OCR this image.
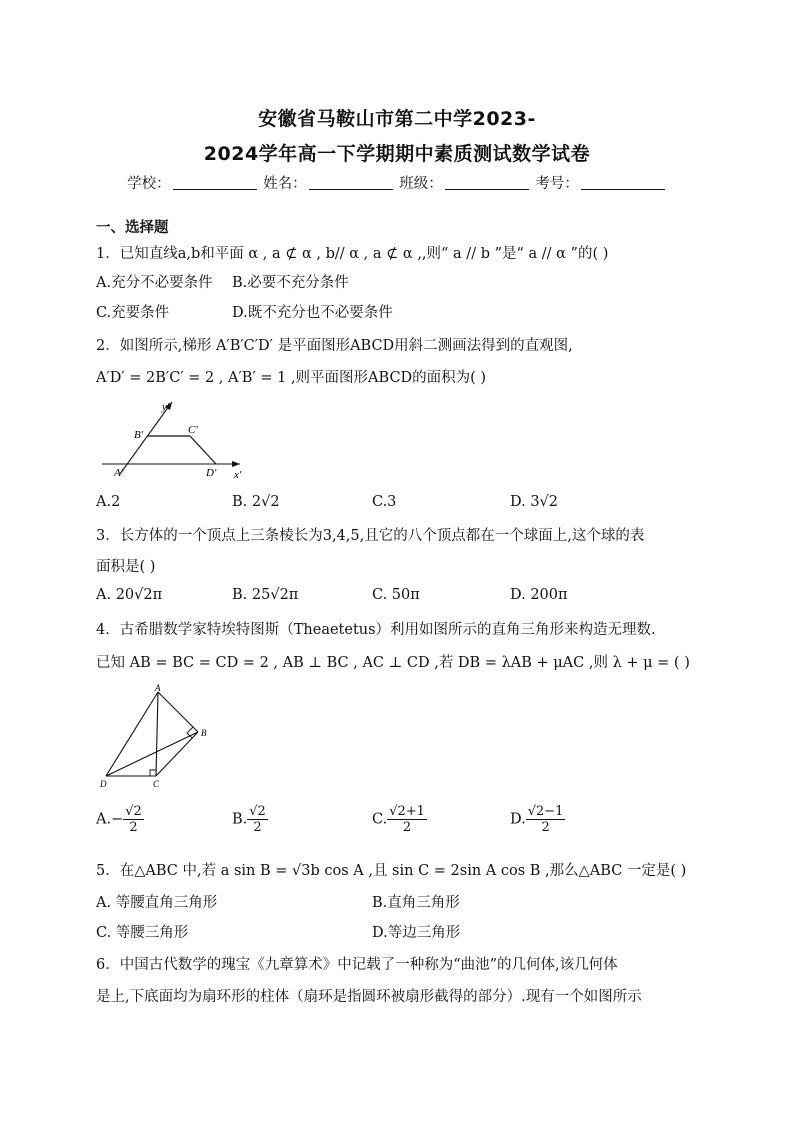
安徽省马鞍山市第二中学2023-
2024学年高一下学期期中素质测试数学试卷
学校：	姓名：	班级：	考号：
一、选择题
1．已知直线a,b和平面 α , a ⊄ α , b// α , a ⊄ α ,,则“ a // b ”是“ a // α ”的( )
A.充分不必要条件 B.必要不充分条件
C.充要条件	D.既不充分也不必要条件
2．如图所示,梯形 A′B′C′D′ 是平面图形ABCD用斜二测画法得到的直观图,
A′D′ = 2B′C′ = 2 , A′B′ = 1 ,则平面图形ABCD的面积为( )
y′
x′
A′
B′	C′
D′
A.2	B. 2√2	C.3	D. 3√2
3．长方体的一个顶点上三条棱长为3,4,5,且它的八个顶点都在一个球面上,这个球的表
面积是( )
A. 20√2π	B. 25√2π	C. 50π	D. 200π
4．古希腊数学家特埃特图斯（Theaetetus）利用如图所示的直角三角形来构造无理数.
已知 AB = BC = CD = 2 , AB ⊥ BC , AC ⊥ CD ,若 DB = λAB + μAC ,则 λ + μ = ( )
A
B
C
D
$A.- \frac{√2}{2}$	B. $\frac{√2}{2}$	C. $\frac{√2+1}{2}$	D. $\frac{√2-1}{2}$
5．在△ABC 中,若 a sin B = √3b cos A ,且 sin C = 2sin A cos B ,那么△ABC 一定是( )
A. 等腰直角三角形	B.直角三角形
C. 等腰三角形	D.等边三角形
6．中国古代数学的瑰宝《九章算术》中记载了一种称为“曲池”的几何体,该几何体
是上,下底面均为扇环形的柱体（扇环是指圆环被扇形截得的部分）.现有一个如图所示
